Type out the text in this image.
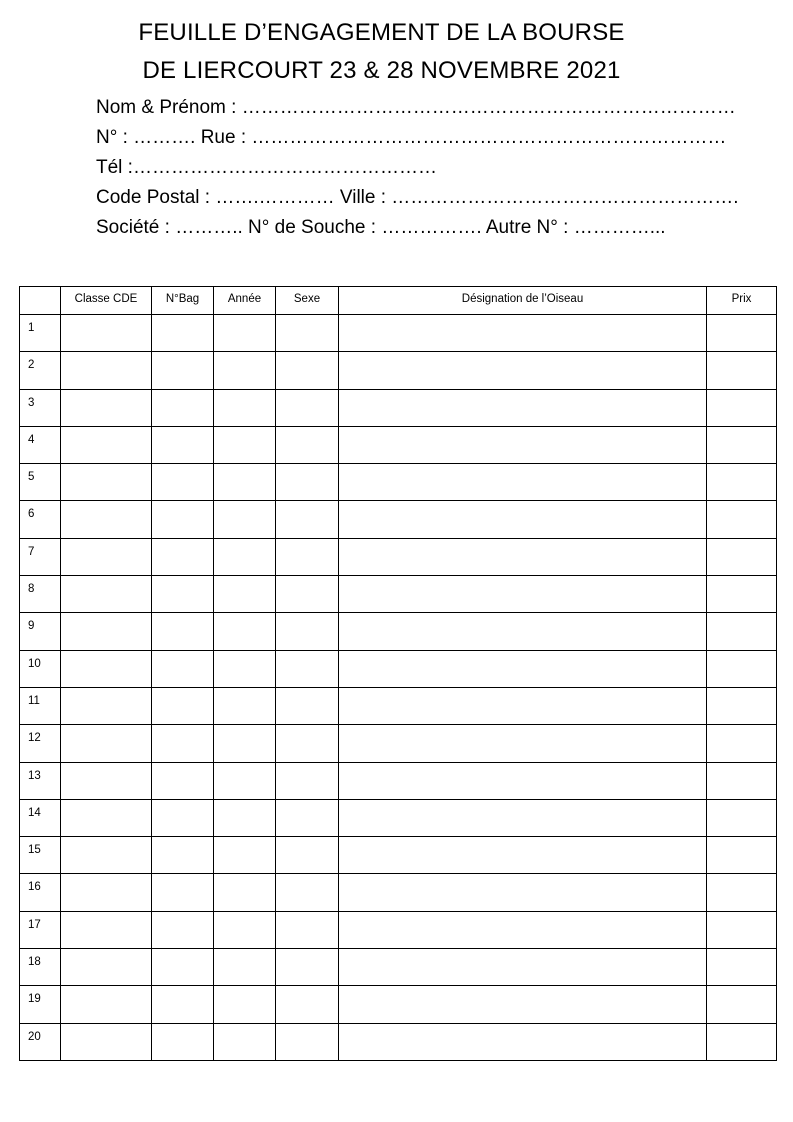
FEUILLE D’ENGAGEMENT DE LA BOURSE
DE LIERCOURT 23 & 28 NOVEMBRE 2021
Nom & Prénom : ……………………………………………………………………
N° : ………. Rue : …………………………………………………………………
Tél :…………………………………………
Code Postal : …….………… Ville : ……………………………………………….
Société : ……….. N° de Souche : ……………. Autre N° : …………...
	Classe CDE	N°Bag	Année	Sexe	Désignation de l’Oiseau	Prix
1						
2						
3						
4						
5						
6						
7						
8						
9						
10						
11						
12						
13						
14						
15						
16						
17						
18						
19						
20						
